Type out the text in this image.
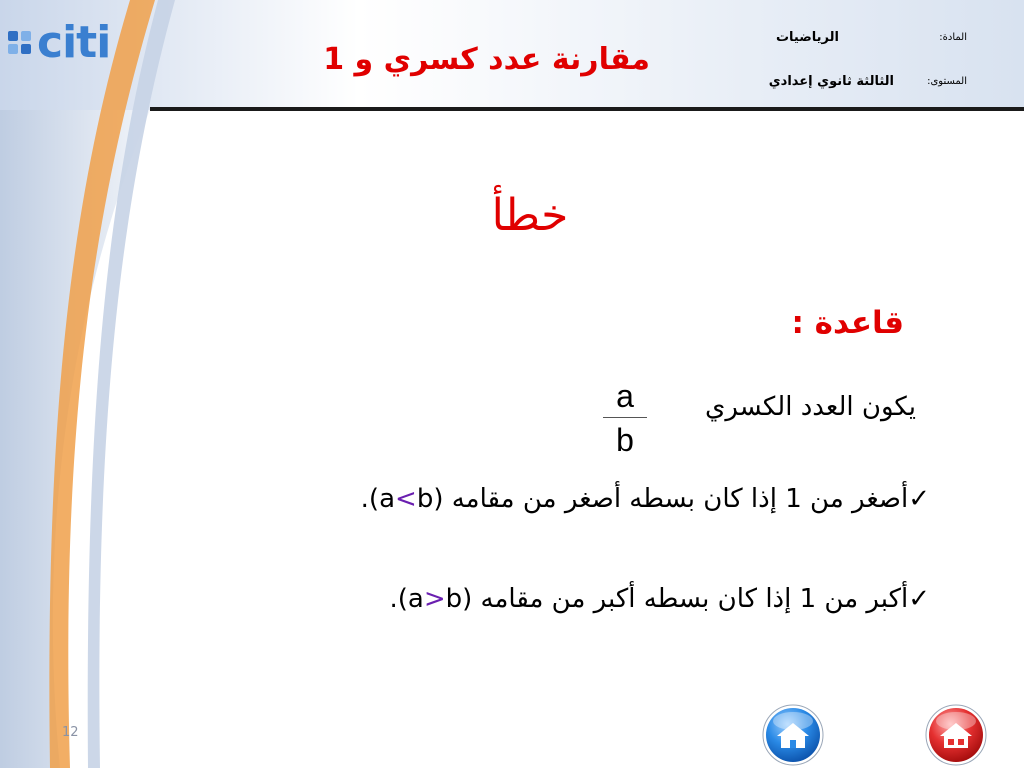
citi	مقارنة عدد كسري و 1
المادة:
الرياضيات
المستوى:
الثالثة ثانوي إعدادي
خطأ
قاعدة :
يكون العدد الكسري
a
b
✓أصغر من 1 إذا كان بسطه أصغر من مقامه (a<b).
✓أكبر من 1 إذا كان بسطه أكبر من مقامه (a>b).
12
